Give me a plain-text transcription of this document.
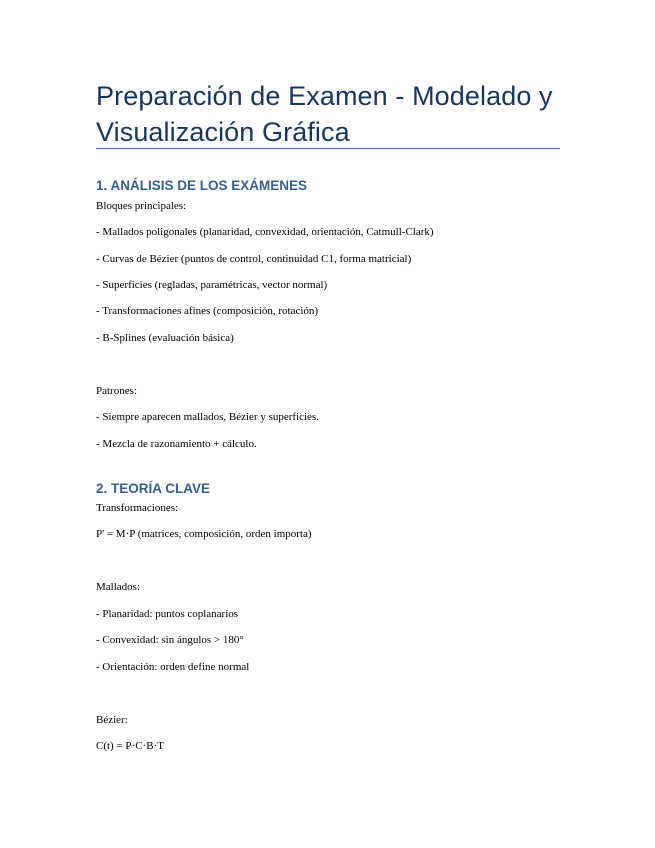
Preparación de Examen - Modelado y Visualización Gráfica
1. ANÁLISIS DE LOS EXÁMENES
Bloques principales:
- Mallados poligonales (planaridad, convexidad, orientación, Catmull-Clark)
- Curvas de Bézier (puntos de control, continuidad C1, forma matricial)
- Superficies (regladas, paramétricas, vector normal)
- Transformaciones afines (composición, rotación)
- B-Splines (evaluación básica)
Patrones:
- Siempre aparecen mallados, Bézier y superficies.
- Mezcla de razonamiento + cálculo.
2. TEORÍA CLAVE
Transformaciones:
P' = M·P (matrices, composición, orden importa)
Mallados:
- Planaridad: puntos coplanarios
- Convexidad: sin ángulos > 180°
- Orientación: orden define normal
Bézier:
C(t) = P·C·B·T
